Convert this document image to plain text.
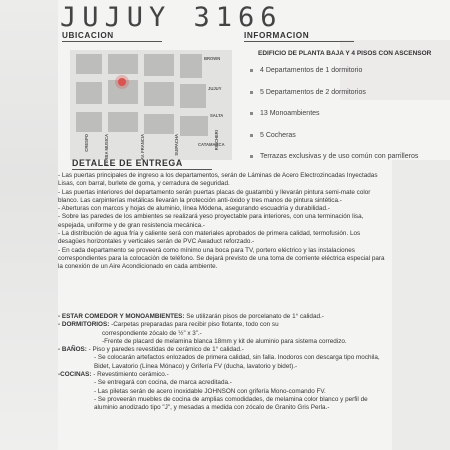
JUJUY 3166
UBICACION
BROWN
JUJUY
SALTA
CATAMARCA
CRESPO	YERBA MUSICA	AV. FRANCIA	SUIPACHA	RICCHERI
INFORMACION

EDIFICIO DE PLANTA BAJA Y 4 PISOS CON ASCENSOR

4 Departamentos de 1 dormitorio
5 Departamentos de 2 dormitorios
13 Monoambientes
5 Cocheras
Terrazas exclusivas y de uso común con parrilleros
DETALLE DE ENTREGA

- Las puertas principales de ingreso a los departamentos, serán de Láminas de Acero Electrozincadas Inyectadas Lisas, con barral, burlete de goma, y cerradura de seguridad.

- Las puertas interiores del departamento serán puertas placas de guatambú y llevarán pintura semi-mate color blanco. Las carpinterías metálicas llevarán la protección anti-óxido y tres manos de pintura sintética.-

- Aberturas con marcos y hojas de aluminio, línea Módena, asegurando escuadría y durabilidad.-

- Sobre las paredes de los ambientes se realizará yeso proyectable para interiores, con una terminación lisa, espejada, uniforme y de gran resistencia mecánica.-

- La distribución de agua fría y caliente será con materiales aprobados de primera calidad, termofusión. Los desagües horizontales y verticales serán de PVC Awaduct reforzado.-

- En cada departamento se proveerá como mínimo una boca para TV, portero eléctrico y las instalaciones correspondientes para la colocación de teléfono. Se dejará previsto de una toma de corriente eléctrica especial para la conexión de un Aire Acondicionado en cada ambiente.

- ESTAR COMEDOR Y MONOAMBIENTES: Se utilizarán pisos de porcelanato de 1° calidad.-

- DORMITORIOS: -Carpetas preparadas para recibir piso flotante, todo con su

correspondiente zócalo de ½” x 3”.-

-Frente de placard de melamina blanca 18mm y kit de aluminio para sistema corredizo.

- BAÑOS: - Piso y paredes revestidas de cerámico de 1° calidad.-

- Se colocarán artefactos enlozados de primera calidad, sin falla. Inodoros con descarga tipo mochila, Bidet, Lavatorio (Línea Mónaco) y Grifería FV (ducha, lavatorio y bidet).-

-COCINAS: - Revestimiento cerámico.-

- Se entregará con cocina, de marca acreditada.-

- Las piletas serán de acero inoxidable JOHNSON con grifería Mono-comando FV.

- Se proveerán muebles de cocina de amplias comodidades, de melamina color blanco y perfil de aluminio anodizado tipo "J", y mesadas a medida con zócalo de Granito Gris Perla.-
